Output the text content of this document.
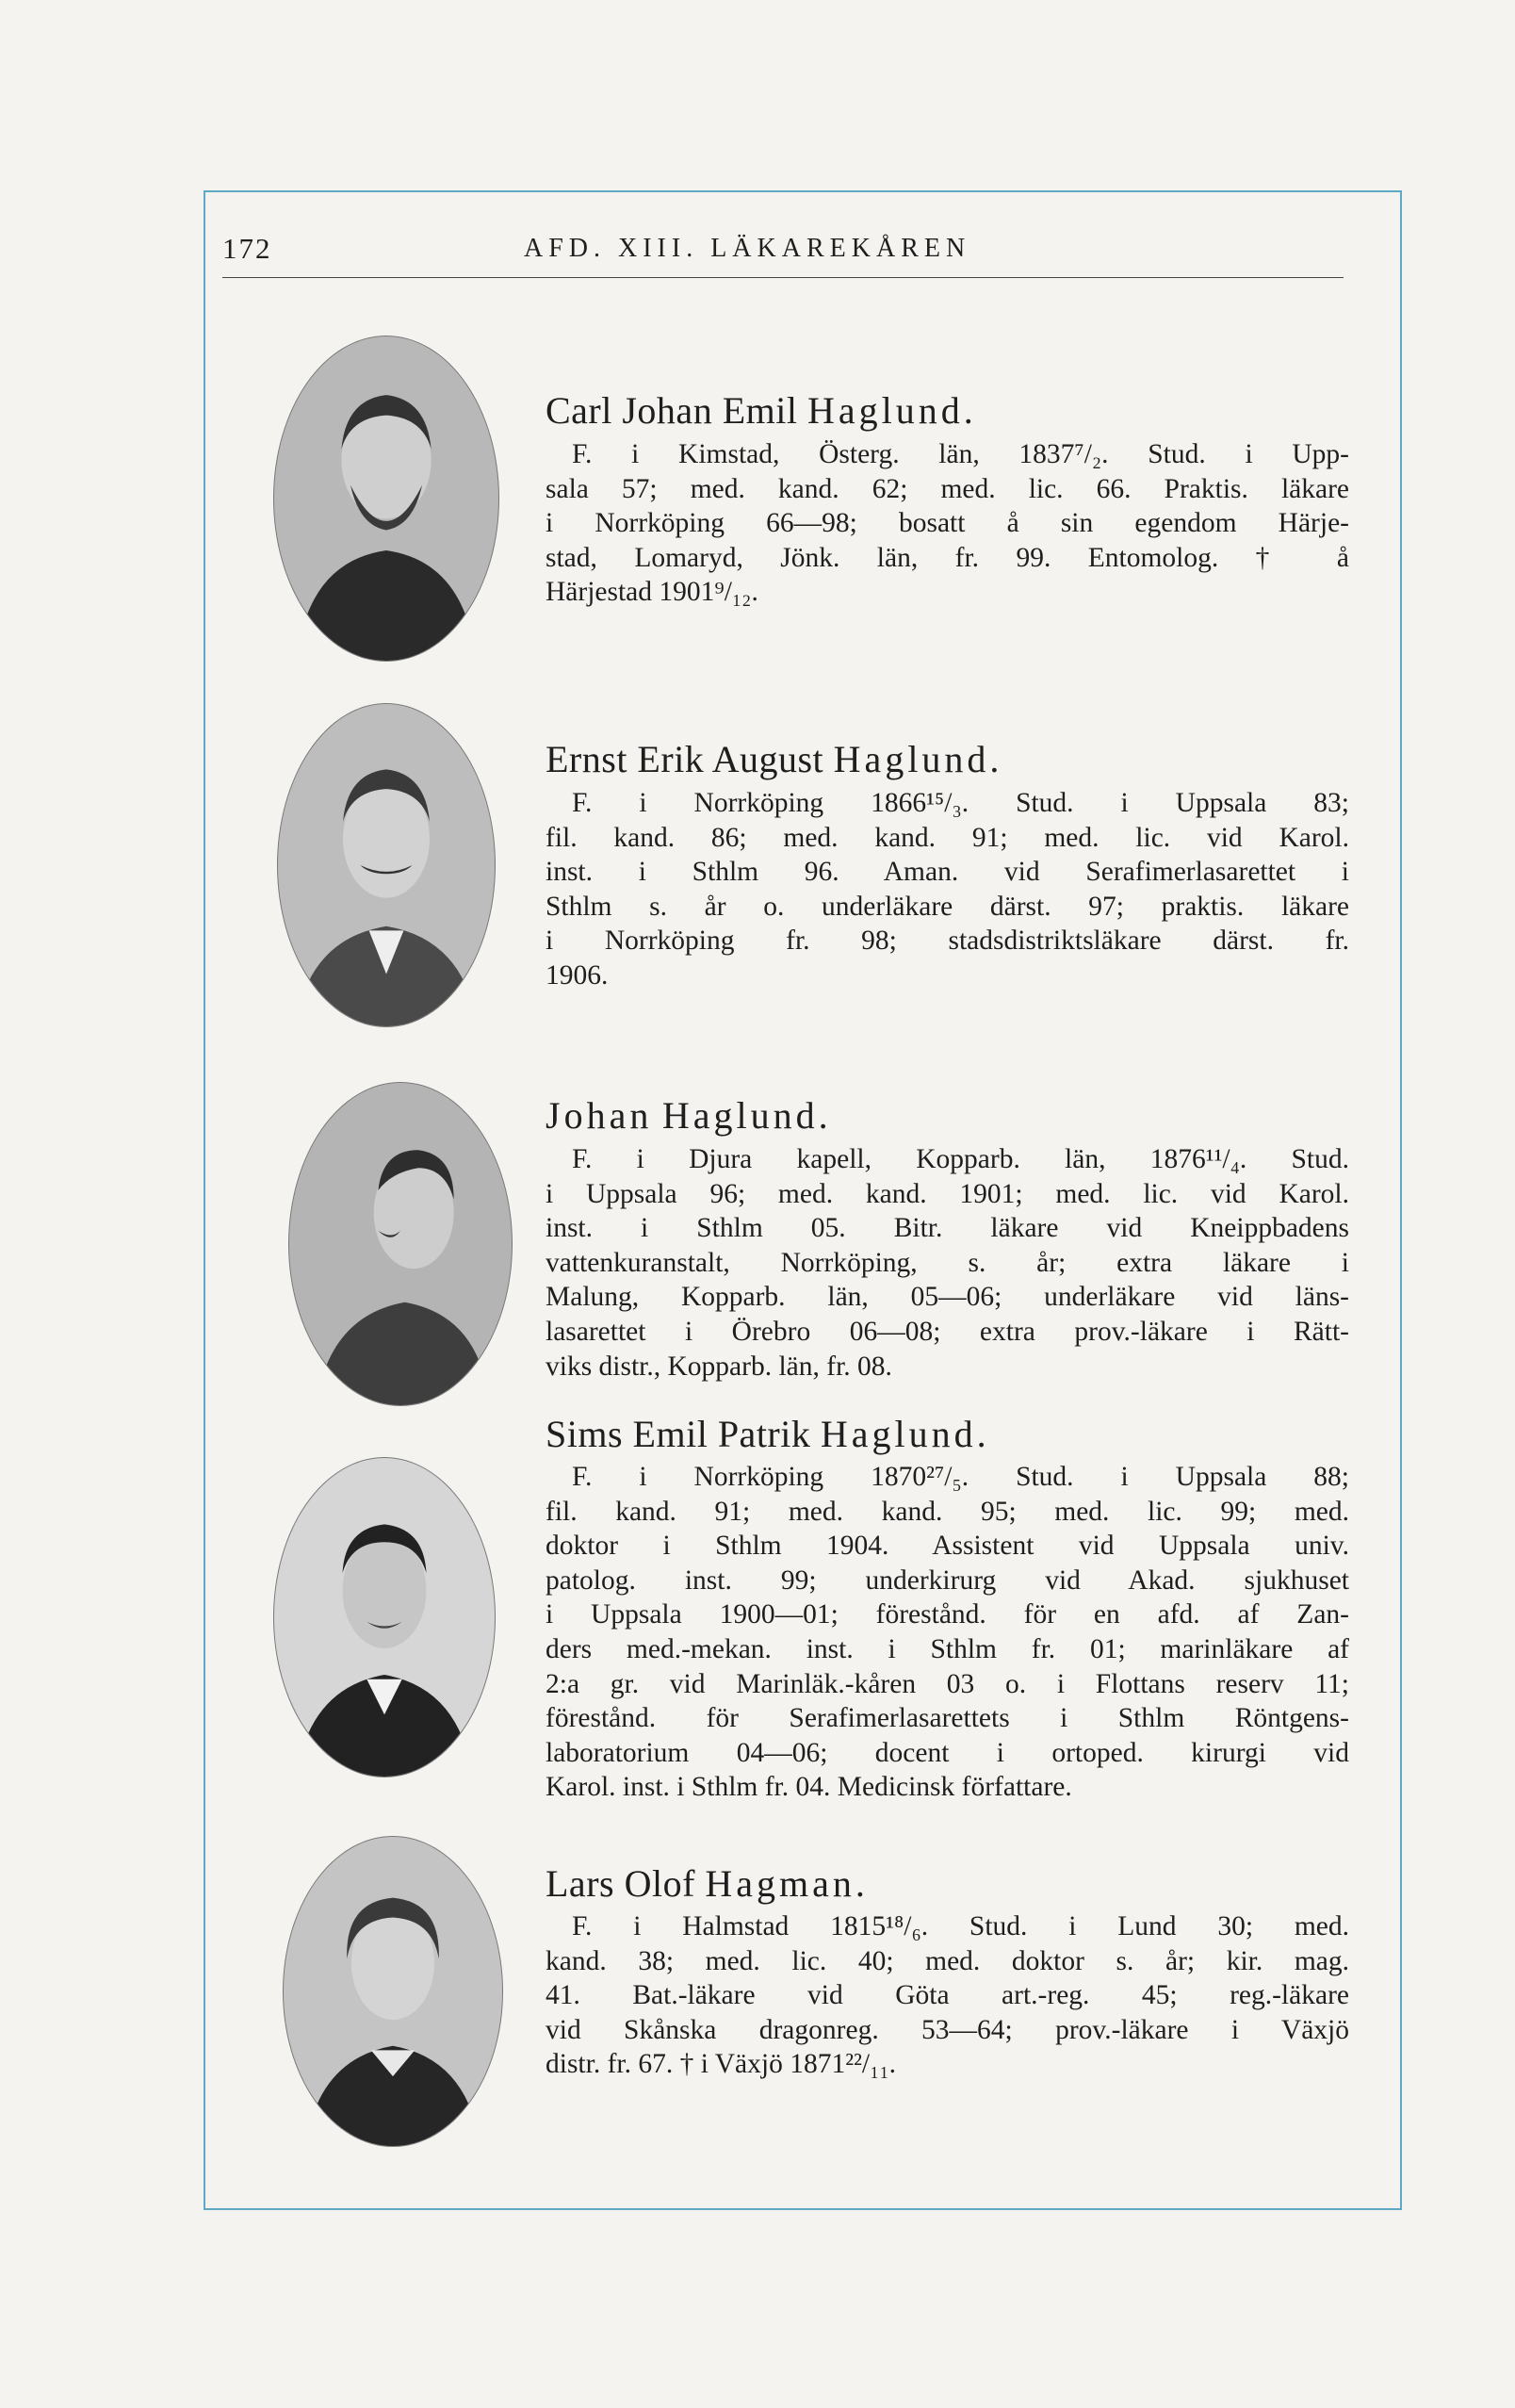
172	AFD. XIII. LÄKAREKÅREN
Carl Johan Emil Haglund.
F. i Kimstad, Österg. län, 1837⁷/₂. Stud. i Upp-
sala 57; med. kand. 62; med. lic. 66. Praktis. läkare
i Norrköping 66—98; bosatt å sin egendom Härje-
stad, Lomaryd, Jönk. län, fr. 99. Entomolog. † å
Härjestad 1901⁹/₁₂.
Ernst Erik August Haglund.
F. i Norrköping 1866¹⁵/₃. Stud. i Uppsala 83;
fil. kand. 86; med. kand. 91; med. lic. vid Karol.
inst. i Sthlm 96. Aman. vid Serafimerlasarettet i
Sthlm s. år o. underläkare därst. 97; praktis. läkare
i Norrköping fr. 98; stadsdistriktsläkare därst. fr.
1906.
Johan Haglund.
F. i Djura kapell, Kopparb. län, 1876¹¹/₄. Stud.
i Uppsala 96; med. kand. 1901; med. lic. vid Karol.
inst. i Sthlm 05. Bitr. läkare vid Kneippbadens
vattenkuranstalt, Norrköping, s. år; extra läkare i
Malung, Kopparb. län, 05—06; underläkare vid läns-
lasarettet i Örebro 06—08; extra prov.-läkare i Rätt-
viks distr., Kopparb. län, fr. 08.
Sims Emil Patrik Haglund.
F. i Norrköping 1870²⁷/₅. Stud. i Uppsala 88;
fil. kand. 91; med. kand. 95; med. lic. 99; med.
doktor i Sthlm 1904. Assistent vid Uppsala univ.
patolog. inst. 99; underkirurg vid Akad. sjukhuset
i Uppsala 1900—01; förestånd. för en afd. af Zan-
ders med.-mekan. inst. i Sthlm fr. 01; marinläkare af
2:a gr. vid Marinläk.-kåren 03 o. i Flottans reserv 11;
förestånd. för Serafimerlasarettets i Sthlm Röntgens-
laboratorium 04—06; docent i ortoped. kirurgi vid
Karol. inst. i Sthlm fr. 04. Medicinsk författare.
Lars Olof Hagman.
F. i Halmstad 1815¹⁸/₆. Stud. i Lund 30; med.
kand. 38; med. lic. 40; med. doktor s. år; kir. mag.
41. Bat.-läkare vid Göta art.-reg. 45; reg.-läkare
vid Skånska dragonreg. 53—64; prov.-läkare i Växjö
distr. fr. 67. † i Växjö 1871²²/₁₁.
